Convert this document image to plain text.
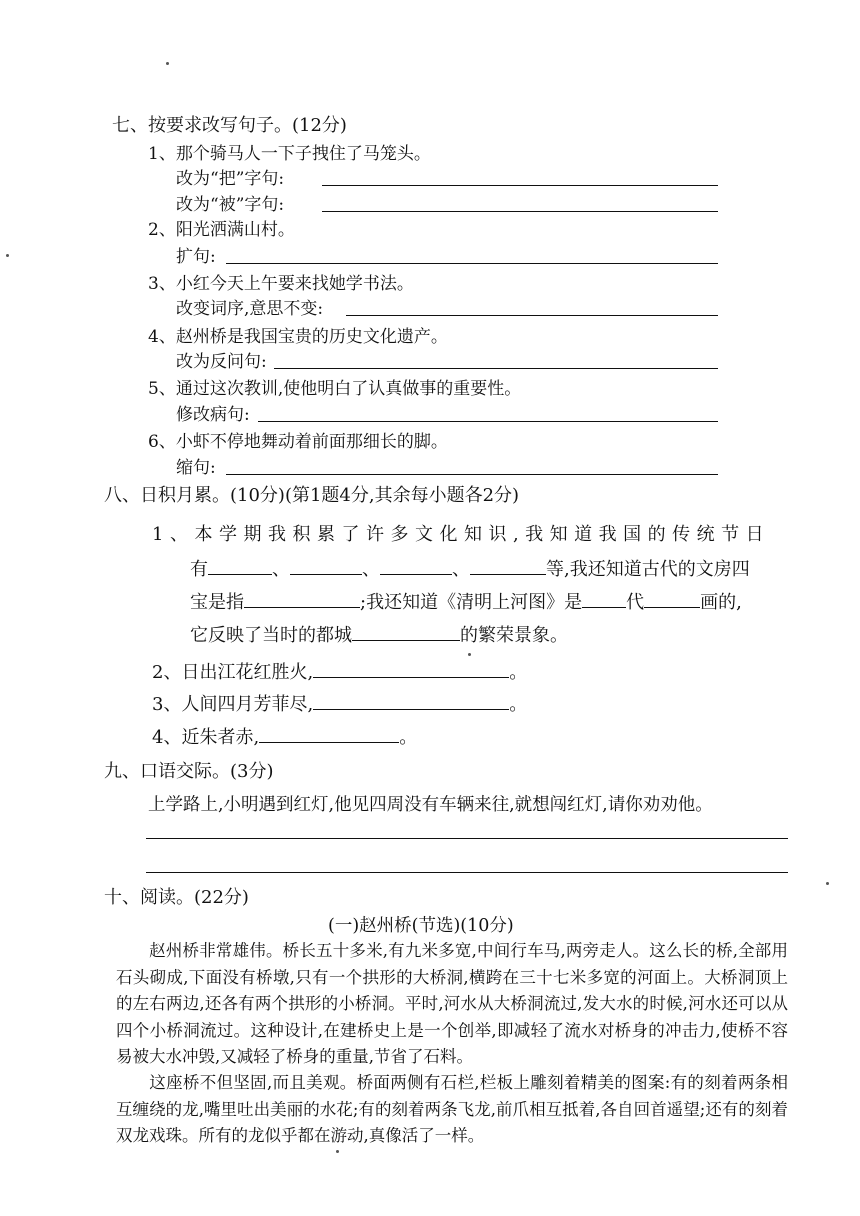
七、按要求改写句子。(12分)
1、那个骑马人一下子拽住了马笼头。
改为“把”字句:
改为“被”字句:
2、阳光洒满山村。
扩句:
3、小红今天上午要来找她学书法。
改变词序,意思不变:
4、赵州桥是我国宝贵的历史文化遗产。
改为反问句:
5、通过这次教训,使他明白了认真做事的重要性。
修改病句:
6、小虾不停地舞动着前面那细长的脚。
缩句:
八、日积月累。(10分)(第1题4分,其余每小题各2分)
1、本学期我积累了许多文化知识,我知道我国的传统节日
有	、	、	、	等,我还知道古代的文房四
宝是指	;我还知道《清明上河图》是 代	画的,
它反映了当时的都城	的繁荣景象。
2、日出江花红胜火,	。
3、人间四月芳菲尽,	。
4、近朱者赤,	。
九、口语交际。(3分)
上学路上,小明遇到红灯,他见四周没有车辆来往,就想闯红灯,请你劝劝他。
十、阅读。(22分)
(一)赵州桥(节选)(10分)
赵州桥非常雄伟。桥长五十多米,有九米多宽,中间行车马,两旁走人。这么长的桥,全部用石头砌成,下面没有桥墩,只有一个拱形的大桥洞,横跨在三十七米多宽的河面上。大桥洞顶上的左右两边,还各有两个拱形的小桥洞。平时,河水从大桥洞流过,发大水的时候,河水还可以从四个小桥洞流过。这种设计,在建桥史上是一个创举,即减轻了流水对桥身的冲击力,使桥不容易被大水冲毁,又减轻了桥身的重量,节省了石料。
这座桥不但坚固,而且美观。桥面两侧有石栏,栏板上雕刻着精美的图案:有的刻着两条相互缠绕的龙,嘴里吐出美丽的水花;有的刻着两条飞龙,前爪相互抵着,各自回首遥望;还有的刻着双龙戏珠。所有的龙似乎都在游动,真像活了一样。
